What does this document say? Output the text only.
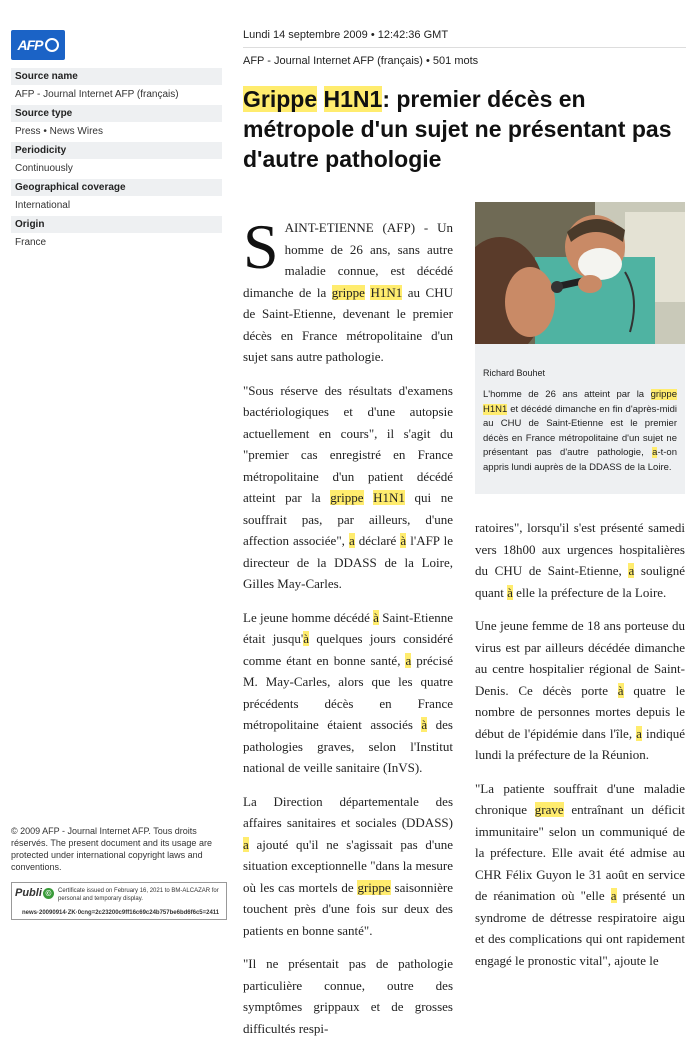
AFP
Source name
AFP - Journal Internet AFP (français)
Source type
Press • News Wires
Periodicity
Continuously
Geographical coverage
International
Origin
France
© 2009 AFP - Journal Internet AFP. Tous droits réservés. The present document and its usage are protected under international copyright laws and conventions.
Publi ©	Certificate issued on February 16, 2021 to BM-ALCAZAR for personal and temporary display.
news·20090914·ZK·0cng=2c23200c9ff16c69c24b757be6bd6f6c5=2411
Lundi 14 septembre 2009 • 12:42:36 GMT
AFP - Journal Internet AFP (français) • 501 mots
Grippe H1N1: premier décès en métropole d'un sujet ne présentant pas d'autre pathologie
Richard Bouhet
L'homme de 26 ans atteint par la grippe H1N1 et décédé dimanche en fin d'après-midi au CHU de Saint-Etienne est le premier décès en France métropolitaine d'un sujet ne présentant pas d'autre pathologie, a-t-on appris lundi auprès de la DDASS de la Loire.

SAINT-ETIENNE (AFP) - Un homme de 26 ans, sans autre maladie connue, est décédé dimanche de la grippe H1N1 au CHU de Saint-Etienne, devenant le premier décès en France métropolitaine d'un sujet sans autre pathologie.

"Sous réserve des résultats d'examens bactériologiques et d'une autopsie actuellement en cours", il s'agit du "premier cas enregistré en France métropolitaine d'un patient décédé atteint par la grippe H1N1 qui ne souffrait pas, par ailleurs, d'une affection associée", a déclaré à l'AFP le directeur de la DDASS de la Loire, Gilles May-Carles.

Le jeune homme décédé à Saint-Etienne était jusqu'à quelques jours considéré comme étant en bonne santé, a précisé M. May-Carles, alors que les quatre précédents décès en France métropolitaine étaient associés à des pathologies graves, selon l'Institut national de veille sanitaire (InVS).

La Direction départementale des affaires sanitaires et sociales (DDASS) a ajouté qu'il ne s'agissait pas d'une situation exceptionnelle "dans la mesure où les cas mortels de grippe saisonnière touchent près d'une fois sur deux des patients en bonne santé".

"Il ne présentait pas de pathologie particulière connue, outre des symptômes grippaux et de grosses difficultés respi-

ratoires", lorsqu'il s'est présenté samedi vers 18h00 aux urgences hospitalières du CHU de Saint-Etienne, a souligné quant à elle la préfecture de la Loire.

Une jeune femme de 18 ans porteuse du virus est par ailleurs décédée dimanche au centre hospitalier régional de Saint-Denis. Ce décès porte à quatre le nombre de personnes mortes depuis le début de l'épidémie dans l'île, a indiqué lundi la préfecture de la Réunion.

"La patiente souffrait d'une maladie chronique grave entraînant un déficit immunitaire" selon un communiqué de la préfecture. Elle avait été admise au CHR Félix Guyon le 31 août en service de réanimation où "elle a présenté un syndrome de détresse respiratoire aigu et des complications qui ont rapidement engagé le pronostic vital", ajoute le
